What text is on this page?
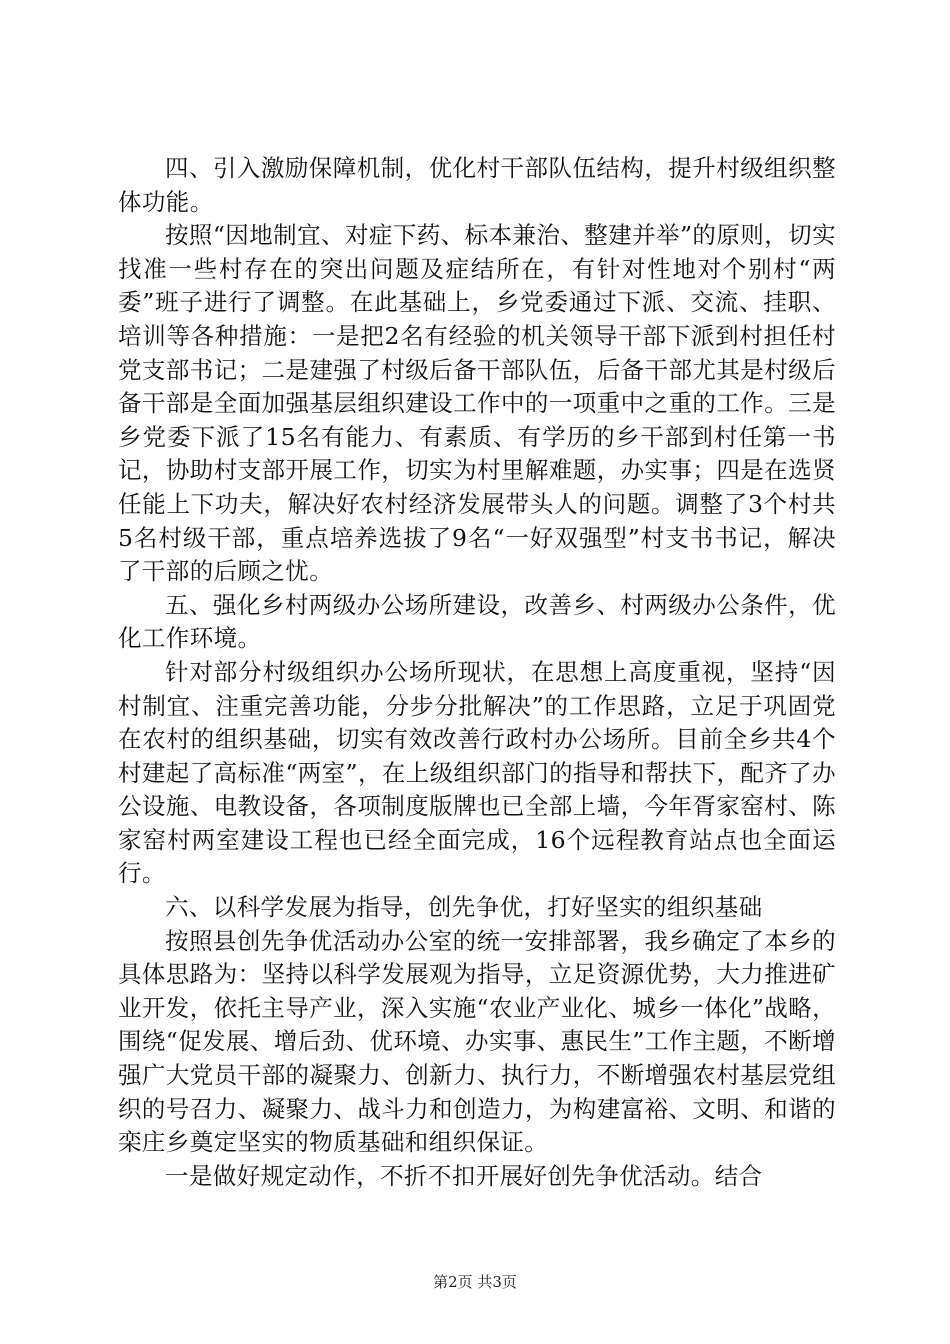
四、引入激励保障机制，优化村干部队伍结构，提升村级组织整体功能。

按照“因地制宜、对症下药、标本兼治、整建并举”的原则，切实找准一些村存在的突出问题及症结所在，有针对性地对个别村“两委”班子进行了调整。在此基础上，乡党委通过下派、交流、挂职、培训等各种措施：一是把2名有经验的机关领导干部下派到村担任村党支部书记；二是建强了村级后备干部队伍，后备干部尤其是村级后备干部是全面加强基层组织建设工作中的一项重中之重的工作。三是乡党委下派了15名有能力、有素质、有学历的乡干部到村任第一书记，协助村支部开展工作，切实为村里解难题，办实事；四是在选贤任能上下功夫，解决好农村经济发展带头人的问题。调整了3个村共5名村级干部，重点培养选拔了9名“一好双强型”村支书书记，解决了干部的后顾之忧。

五、强化乡村两级办公场所建设，改善乡、村两级办公条件，优化工作环境。

针对部分村级组织办公场所现状，在思想上高度重视，坚持“因村制宜、注重完善功能，分步分批解决”的工作思路，立足于巩固党在农村的组织基础，切实有效改善行政村办公场所。目前全乡共4个村建起了高标准“两室”，在上级组织部门的指导和帮扶下，配齐了办公设施、电教设备，各项制度版牌也已全部上墙，今年胥家窑村、陈家窑村两室建设工程也已经全面完成，16个远程教育站点也全面运行。

六、以科学发展为指导，创先争优，打好坚实的组织基础

按照县创先争优活动办公室的统一安排部署，我乡确定了本乡的具体思路为：坚持以科学发展观为指导，立足资源优势，大力推进矿业开发，依托主导产业，深入实施“农业产业化、城乡一体化”战略，围绕“促发展、增后劲、优环境、办实事、惠民生”工作主题，不断增强广大党员干部的凝聚力、创新力、执行力，不断增强农村基层党组织的号召力、凝聚力、战斗力和创造力，为构建富裕、文明、和谐的栾庄乡奠定坚实的物质基础和组织保证。

一是做好规定动作，不折不扣开展好创先争优活动。结合

第2页 共3页
